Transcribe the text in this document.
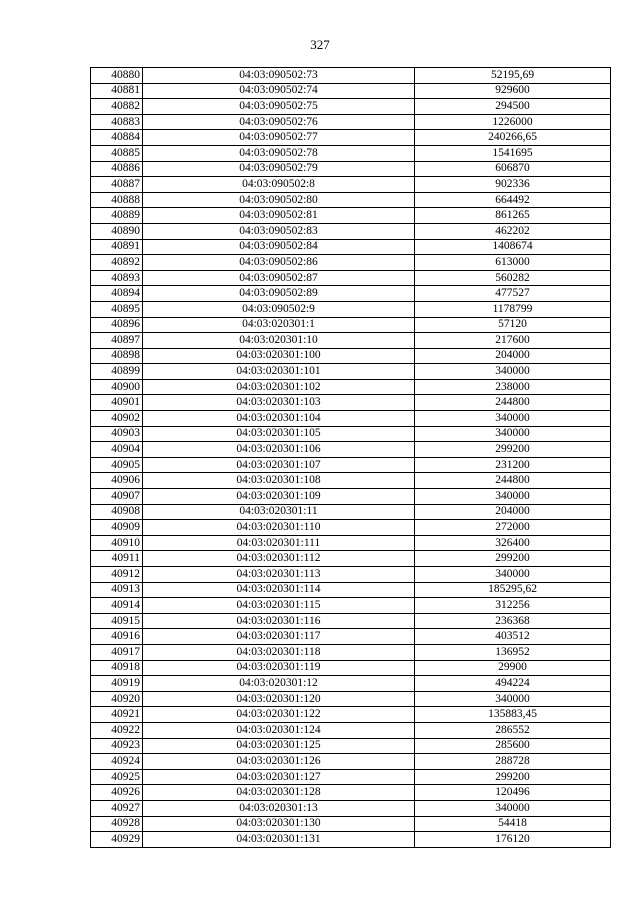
327
40880	04:03:090502:73	52195,69
40881	04:03:090502:74	929600
40882	04:03:090502:75	294500
40883	04:03:090502:76	1226000
40884	04:03:090502:77	240266,65
40885	04:03:090502:78	1541695
40886	04:03:090502:79	606870
40887	04:03:090502:8	902336
40888	04:03:090502:80	664492
40889	04:03:090502:81	861265
40890	04:03:090502:83	462202
40891	04:03:090502:84	1408674
40892	04:03:090502:86	613000
40893	04:03:090502:87	560282
40894	04:03:090502:89	477527
40895	04:03:090502:9	1178799
40896	04:03:020301:1	57120
40897	04:03:020301:10	217600
40898	04:03:020301:100	204000
40899	04:03:020301:101	340000
40900	04:03:020301:102	238000
40901	04:03:020301:103	244800
40902	04:03:020301:104	340000
40903	04:03:020301:105	340000
40904	04:03:020301:106	299200
40905	04:03:020301:107	231200
40906	04:03:020301:108	244800
40907	04:03:020301:109	340000
40908	04:03:020301:11	204000
40909	04:03:020301:110	272000
40910	04:03:020301:111	326400
40911	04:03:020301:112	299200
40912	04:03:020301:113	340000
40913	04:03:020301:114	185295,62
40914	04:03:020301:115	312256
40915	04:03:020301:116	236368
40916	04:03:020301:117	403512
40917	04:03:020301:118	136952
40918	04:03:020301:119	29900
40919	04:03:020301:12	494224
40920	04:03:020301:120	340000
40921	04:03:020301:122	135883,45
40922	04:03:020301:124	286552
40923	04:03:020301:125	285600
40924	04:03:020301:126	288728
40925	04:03:020301:127	299200
40926	04:03:020301:128	120496
40927	04:03:020301:13	340000
40928	04:03:020301:130	54418
40929	04:03:020301:131	176120
